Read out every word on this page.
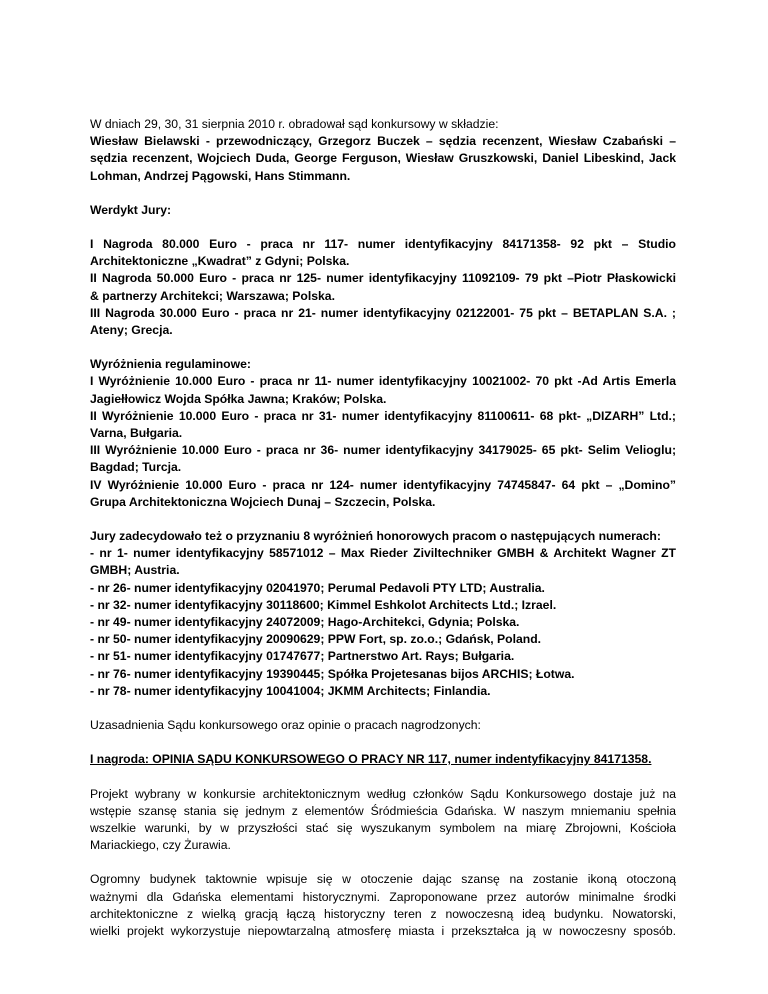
W dniach 29, 30, 31 sierpnia 2010 r. obradował sąd konkursowy w składzie:
Wiesław Bielawski - przewodniczący, Grzegorz Buczek – sędzia recenzent, Wiesław Czabański –
sędzia recenzent, Wojciech Duda, George Ferguson, Wiesław Gruszkowski, Daniel Libeskind, Jack
Lohman, Andrzej Pągowski, Hans Stimmann.

Werdykt Jury:

I Nagroda 80.000 Euro - praca nr 117- numer identyfikacyjny 84171358- 92 pkt – Studio
Architektoniczne „Kwadrat” z Gdyni; Polska.
II Nagroda 50.000 Euro - praca nr 125- numer identyfikacyjny 11092109- 79 pkt –Piotr Płaskowicki
& partnerzy Architekci; Warszawa; Polska.
III Nagroda 30.000 Euro - praca nr 21- numer identyfikacyjny 02122001- 75 pkt – BETAPLAN S.A. ;
Ateny; Grecja.

Wyróżnienia regulaminowe:
I Wyróżnienie 10.000 Euro - praca nr 11- numer identyfikacyjny 10021002- 70 pkt -Ad Artis Emerla
Jagiełłowicz Wojda Spółka Jawna; Kraków; Polska.
II Wyróżnienie 10.000 Euro - praca nr 31- numer identyfikacyjny 81100611- 68 pkt- „DIZARH” Ltd.;
Varna, Bułgaria.
III Wyróżnienie 10.000 Euro - praca nr 36- numer identyfikacyjny 34179025- 65 pkt- Selim Velioglu;
Bagdad; Turcja.
IV Wyróżnienie 10.000 Euro - praca nr 124- numer identyfikacyjny 74745847- 64 pkt – „Domino”
Grupa Architektoniczna Wojciech Dunaj – Szczecin, Polska.

Jury zadecydowało też o przyznaniu 8 wyróżnień honorowych pracom o następujących numerach:
- nr 1- numer identyfikacyjny 58571012 – Max Rieder Ziviltechniker GMBH & Architekt Wagner ZT
GMBH; Austria.
- nr 26- numer identyfikacyjny 02041970; Perumal Pedavoli PTY LTD; Australia.
- nr 32- numer identyfikacyjny 30118600; Kimmel Eshkolot Architects Ltd.; Izrael.
- nr 49- numer identyfikacyjny 24072009; Hago-Architekci, Gdynia; Polska.
- nr 50- numer identyfikacyjny 20090629; PPW Fort, sp. zo.o.; Gdańsk, Poland.
- nr 51- numer identyfikacyjny 01747677; Partnerstwo Art. Rays; Bułgaria.
- nr 76- numer identyfikacyjny 19390445; Spółka Projetesanas bijos ARCHIS; Łotwa.
- nr 78- numer identyfikacyjny 10041004; JKMM Architects; Finlandia.

Uzasadnienia Sądu konkursowego oraz opinie o pracach nagrodzonych:

I nagroda: OPINIA SĄDU KONKURSOWEGO O PRACY NR 117, numer indentyfikacyjny 84171358.

Projekt wybrany w konkursie architektonicznym według członków Sądu Konkursowego dostaje już na
wstępie szansę stania się jednym z elementów Śródmieścia Gdańska. W naszym mniemaniu spełnia
wszelkie warunki, by w przyszłości stać się wyszukanym symbolem na miarę Zbrojowni, Kościoła
Mariackiego, czy Żurawia.

Ogromny budynek taktownie wpisuje się w otoczenie dając szansę na zostanie ikoną otoczoną
ważnymi dla Gdańska elementami historycznymi. Zaproponowane przez autorów minimalne środki
architektoniczne z wielką gracją łączą historyczny teren z nowoczesną ideą budynku. Nowatorski,
wielki projekt wykorzystuje niepowtarzalną atmosferę miasta i przekształca ją w nowoczesny sposób.
